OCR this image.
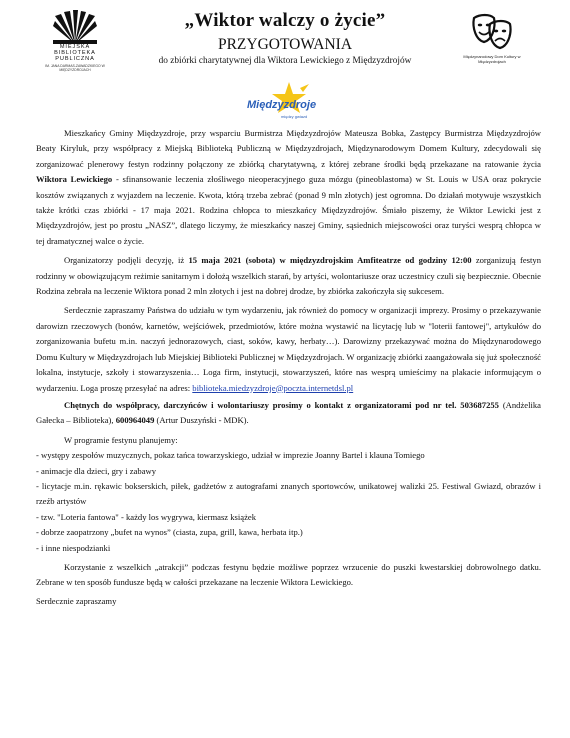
MIEJSKA
BIBLIOTEKA
PUBLICZNA
IM. JANA DARMAS-ZAWADZKIEGO W MIĘDZYZDROJACH
Międzynarodowy Dom Kultury w Międzyzdrojach
„Wiktor walczy o życie”
PRZYGOTOWANIA
do zbiórki charytatywnej dla Wiktora Lewickiego z Międzyzdrojów
Międzyzdroje
między gwiazd

Mieszkańcy Gminy Międzyzdroje, przy wsparciu Burmistrza Międzyzdrojów Mateusza Bobka, Zastępcy Burmistrza Międzyzdrojów Beaty Kiryluk, przy współpracy z Miejską Biblioteką Publiczną w Międzyzdrojach, Międzynarodowym Domem Kultury, zdecydowali się zorganizować plenerowy festyn rodzinny połączony ze zbiórką charytatywną, z której zebrane środki będą przekazane na ratowanie życia Wiktora Lewickiego - sfinansowanie leczenia złośliwego nieoperacyjnego guza mózgu (pineoblastoma) w St. Louis w USA oraz pokrycie kosztów związanych z wyjazdem na leczenie. Kwota, którą trzeba zebrać (ponad 9 mln złotych) jest ogromna. Do działań motywuje wszystkich także krótki czas zbiórki - 17 maja 2021. Rodzina chłopca to mieszkańcy Międzyzdrojów. Śmiało piszemy, że Wiktor Lewicki jest z Międzyzdrojów, jest po prostu „NASZ”, dlatego liczymy, że mieszkańcy naszej Gminy, sąsiednich miejscowości oraz turyści wesprą chłopca w tej dramatycznej walce o życie.

Organizatorzy podjęli decyzję, iż 15 maja 2021 (sobota) w międzyzdrojskim Amfiteatrze od godziny 12:00 zorganizują festyn rodzinny w obowiązującym reżimie sanitarnym i dołożą wszelkich starań, by artyści, wolontariusze oraz uczestnicy czuli się bezpiecznie. Obecnie Rodzina zebrała na leczenie Wiktora ponad 2 mln złotych i jest na dobrej drodze, by zbiórka zakończyła się sukcesem.

Serdecznie zapraszamy Państwa do udziału w tym wydarzeniu, jak również do pomocy w organizacji imprezy. Prosimy o przekazywanie darowizn rzeczowych (bonów, karnetów, wejściówek, przedmiotów, które można wystawić na licytację lub w "loterii fantowej", artykułów do zorganizowania bufetu m.in. naczyń jednorazowych, ciast, soków, kawy, herbaty…). Darowizny przekazywać można do Międzynarodowego Domu Kultury w Międzyzdrojach lub Miejskiej Biblioteki Publicznej w Międzyzdrojach. W organizację zbiórki zaangażowała się już społeczność lokalna, instytucje, szkoły i stowarzyszenia… Loga firm, instytucji, stowarzyszeń, które nas wesprą umieścimy na plakacie informującym o wydarzeniu. Loga proszę przesyłać na adres: biblioteka.miedzyzdroje@poczta.internetdsl.pl

Chętnych do współpracy, darczyńców i wolontariuszy prosimy o kontakt z organizatorami pod nr tel. 503687255 (Andżelika Gałecka – Biblioteka), 600964049 (Artur Duszyński - MDK).

W programie festynu planujemy:

- występy zespołów muzycznych, pokaz tańca towarzyskiego, udział w imprezie Joanny Bartel i klauna Tomiego

- animacje dla dzieci, gry i zabawy

- licytacje m.in. rękawic bokserskich, piłek, gadżetów z autografami znanych sportowców, unikatowej walizki 25. Festiwal Gwiazd, obrazów i rzeźb artystów

- tzw. "Loteria fantowa" - każdy los wygrywa, kiermasz książek

- dobrze zaopatrzony „bufet na wynos” (ciasta, zupa, grill, kawa, herbata itp.)

- i inne niespodzianki

Korzystanie z wszelkich „atrakcji” podczas festynu będzie możliwe poprzez wrzucenie do puszki kwestarskiej dobrowolnego datku. Zebrane w ten sposób fundusze będą w całości przekazane na leczenie Wiktora Lewickiego.

Serdecznie zapraszamy
